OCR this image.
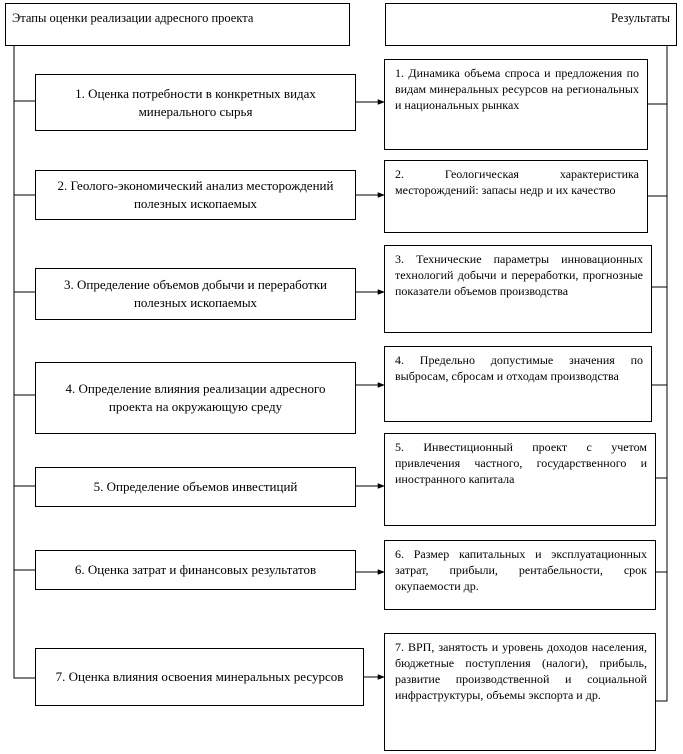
Этапы оценки реализации адресного проекта	Результаты
1. Оценка потребности в конкретных видах минерального сырья
2. Геолого-экономический анализ месторождений полезных ископаемых
3. Определение объемов добычи и переработки полезных ископаемых
4. Определение влияния реализации адресного проекта на окружающую среду
5. Определение объемов инвестиций
6. Оценка затрат и финансовых результатов
7. Оценка влияния освоения минеральных ресурсов
1. Динамика объема спроса и предложения по видам минеральных ресурсов на региональных и национальных рынках
2. Геологическая характеристика месторождений: запасы недр и их качество
3. Технические параметры инновационных технологий добычи и переработки, прогнозные показатели объемов производства
4. Предельно допустимые значения по выбросам, сбросам и отходам производства
5. Инвестиционный проект с учетом привлечения частного, государственного и иностранного капитала
6. Размер капитальных и эксплуатационных затрат, прибыли, рентабельности, срок окупаемости др.
7. ВРП, занятость и уровень доходов населения, бюджетные поступления (налоги), прибыль, развитие производственной и социальной инфраструктуры, объемы экспорта и др.
